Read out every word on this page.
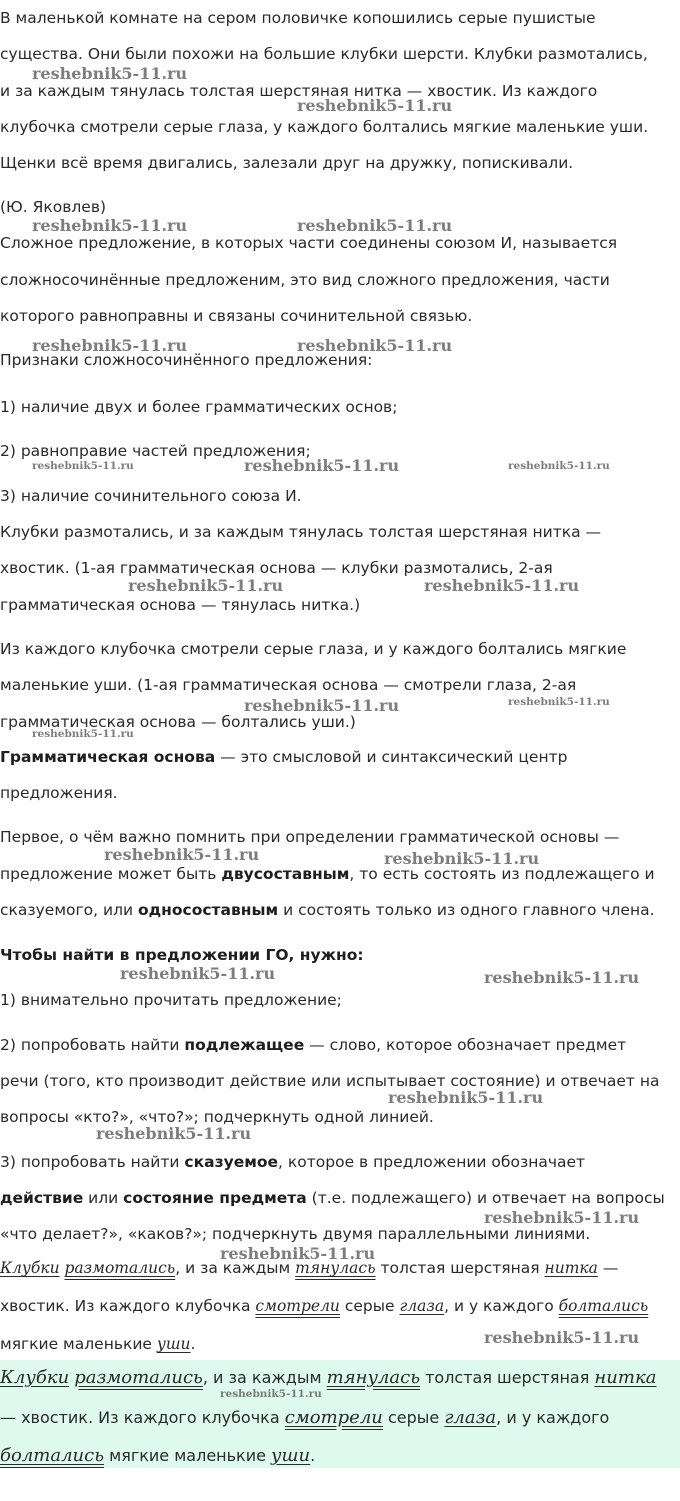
В маленькой комнате на сером половичке копошились серые пушистые
существа. Они были похожи на большие клубки шерсти. Клубки размотались,
и за каждым тянулась толстая шерстяная нитка — хвостик. Из каждого
клубочка смотрели серые глаза, у каждого болтались мягкие маленькие уши.
Щенки всё время двигались, залезали друг на дружку, попискивали.
(Ю. Яковлев)
Сложное предложение, в которых части соединены союзом И, называется
сложносочинённые предложеним, это вид сложного предложения, части
которого равноправны и связаны сочинительной связью.
Признаки сложносочинённого предложения:
1) наличие двух и более грамматических основ;
2) равноправие частей предложения;
3) наличие сочинительного союза И.
Клубки размотались, и за каждым тянулась толстая шерстяная нитка —
хвостик. (1-ая грамматическая основа — клубки размотались, 2-ая
грамматическая основа — тянулась нитка.)
Из каждого клубочка смотрели серые глаза, и у каждого болтались мягкие
маленькие уши. (1-ая грамматическая основа — смотрели глаза, 2-ая
грамматическая основа — болтались уши.)
Грамматическая основа — это смысловой и синтаксический центр
предложения.
Первое, о чём важно помнить при определении грамматической основы —
предложение может быть двусоставным, то есть состоять из подлежащего и
сказуемого, или односоставным и состоять только из одного главного члена.
Чтобы найти в предложении ГО, нужно:
1) внимательно прочитать предложение;
2) попробовать найти подлежащее — слово, которое обозначает предмет
речи (того, кто производит действие или испытывает состояние) и отвечает на
вопросы «кто?», «что?»; подчеркнуть одной линией.
3) попробовать найти сказуемое, которое в предложении обозначает
действие или состояние предмета (т.е. подлежащего) и отвечает на вопросы
«что делает?», «каков?»; подчеркнуть двумя параллельными линиями.
Клубки размотались, и за каждым тянулась толстая шерстяная нитка —
хвостик. Из каждого клубочка смотрели серые глаза, и у каждого болтались
мягкие маленькие уши.
Клубки размотались, и за каждым тянулась толстая шерстяная нитка
— хвостик. Из каждого клубочка смотрели серые глаза, и у каждого
болтались мягкие маленькие уши.
reshebnik5-11.ru
reshebnik5-11.ru
reshebnik5-11.ru	reshebnik5-11.ru
reshebnik5-11.ru	reshebnik5-11.ru
reshebnik5-11.ru	reshebnik5-11.ru	reshebnik5-11.ru
reshebnik5-11.ru	reshebnik5-11.ru
reshebnik5-11.ru	reshebnik5-11.ru
reshebnik5-11.ru
reshebnik5-11.ru	reshebnik5-11.ru
reshebnik5-11.ru	reshebnik5-11.ru
reshebnik5-11.ru
reshebnik5-11.ru
reshebnik5-11.ru
reshebnik5-11.ru
reshebnik5-11.ru
reshebnik5-11.ru
